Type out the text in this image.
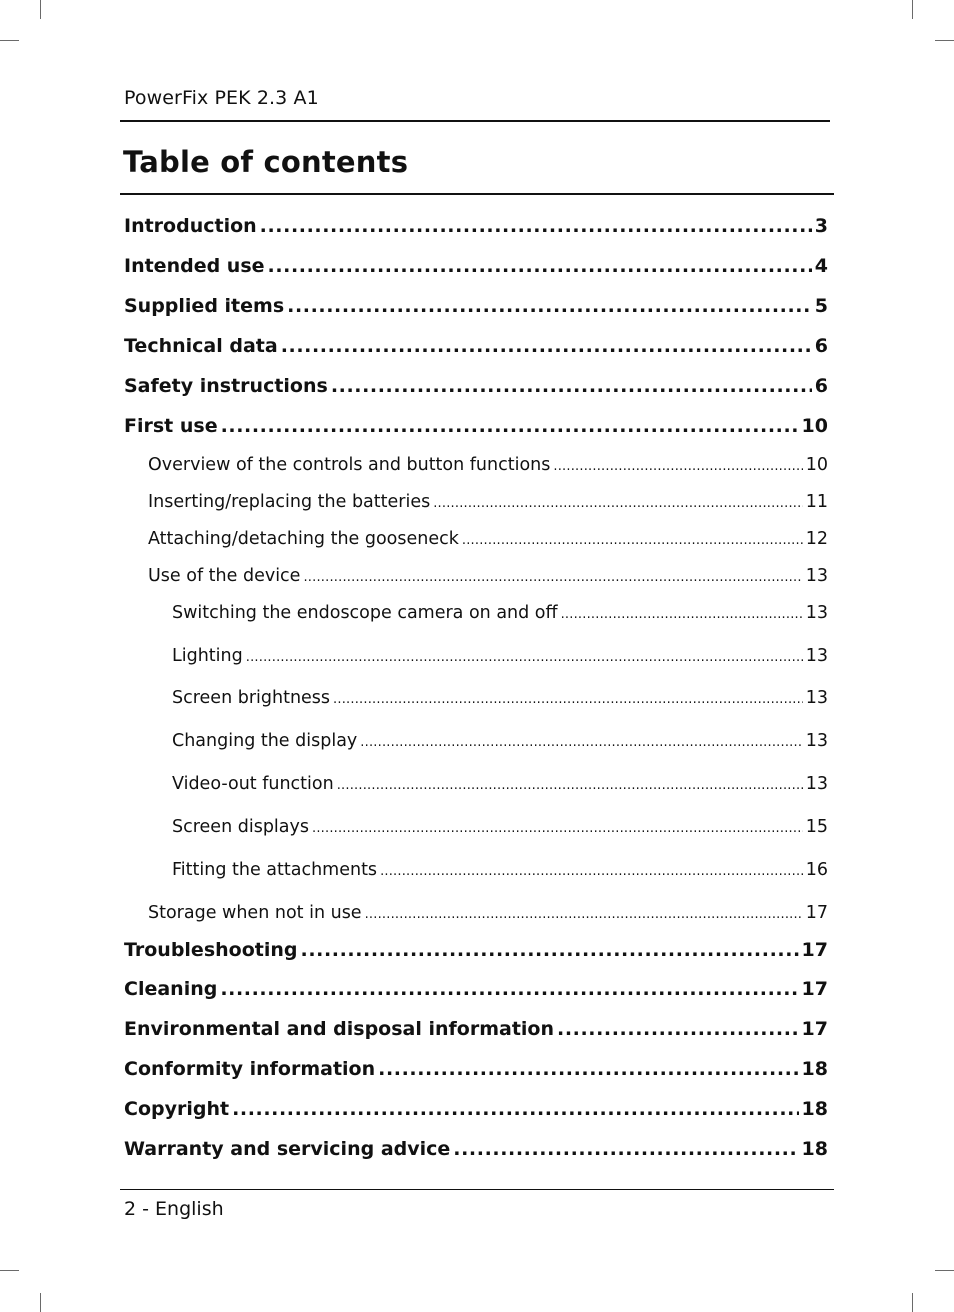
PowerFix PEK 2.3 A1
Table of contents
Introduction .....	3
Intended use .....	4
Supplied items .....	5
Technical data .....	6
Safety instructions .....	6
First use .....	10
Overview of the controls and button functions .....	10
Inserting/replacing the batteries .....	11
Attaching/detaching the gooseneck .....	12
Use of the device .....	13
Switching the endoscope camera on and off .....	13
Lighting .....	13
Screen brightness .....	13
Changing the display .....	13
Video-out function .....	13
Screen displays .....	15
Fitting the attachments .....	16
Storage when not in use .....	17
Troubleshooting .....	17
Cleaning .....	17
Environmental and disposal information .....	17
Conformity information .....	18
Copyright .....	18
Warranty and servicing advice .....	18
2 - English
